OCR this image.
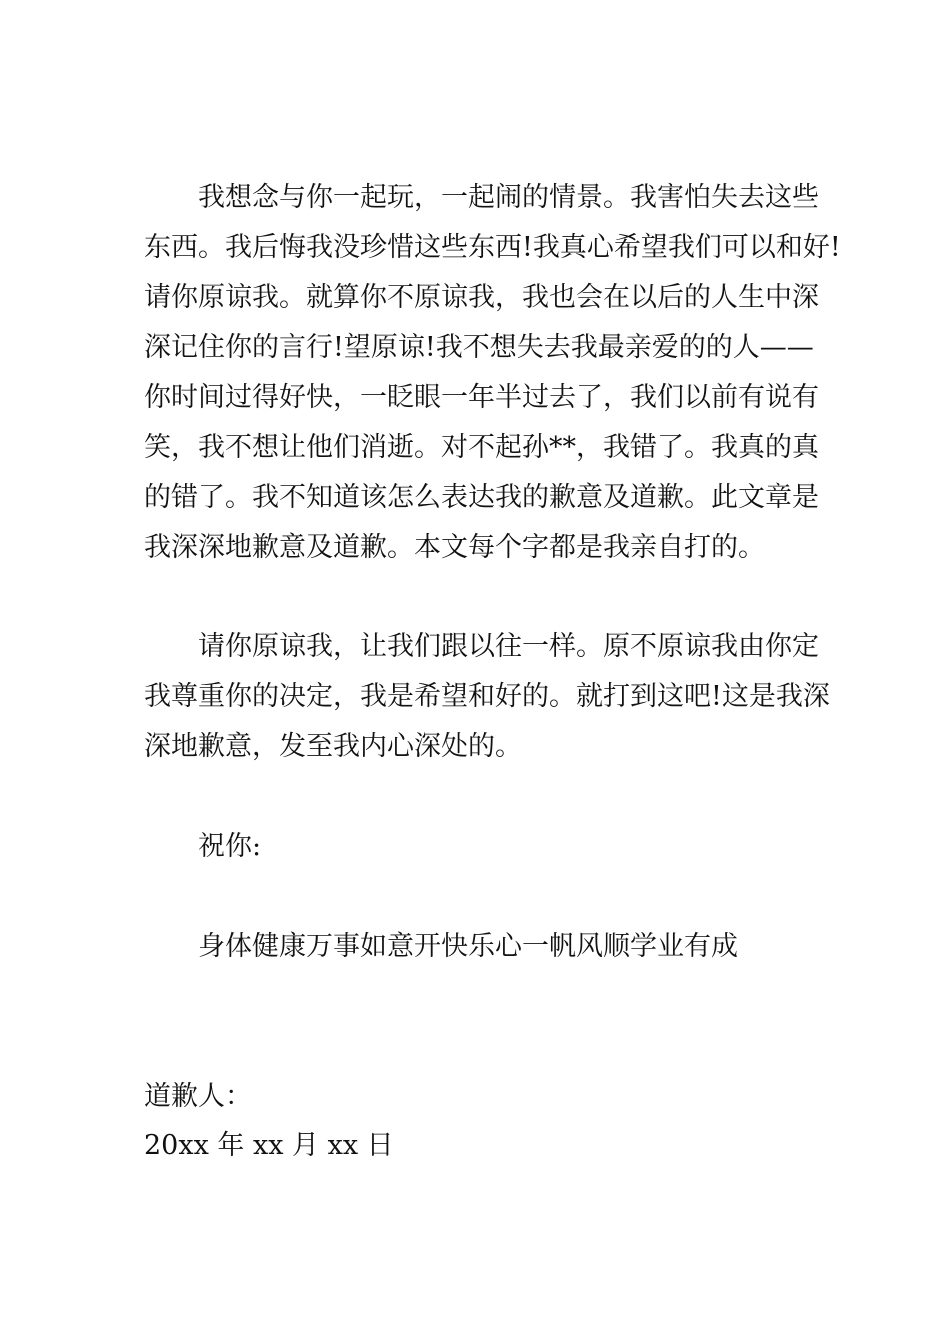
我想念与你一起玩，一起闹的情景。我害怕失去这些
东西。我后悔我没珍惜这些东西!我真心希望我们可以和好!
请你原谅我。就算你不原谅我，我也会在以后的人生中深
深记住你的言行!望原谅!我不想失去我最亲爱的的人——
你时间过得好快，一眨眼一年半过去了，我们以前有说有
笑，我不想让他们消逝。对不起孙**，我错了。我真的真
的错了。我不知道该怎么表达我的歉意及道歉。此文章是
我深深地歉意及道歉。本文每个字都是我亲自打的。
请你原谅我，让我们跟以往一样。原不原谅我由你定
我尊重你的决定，我是希望和好的。就打到这吧!这是我深
深地歉意，发至我内心深处的。
祝你:
身体健康万事如意开快乐心一帆风顺学业有成
道歉人：
20xx 年 xx 月 xx 日
